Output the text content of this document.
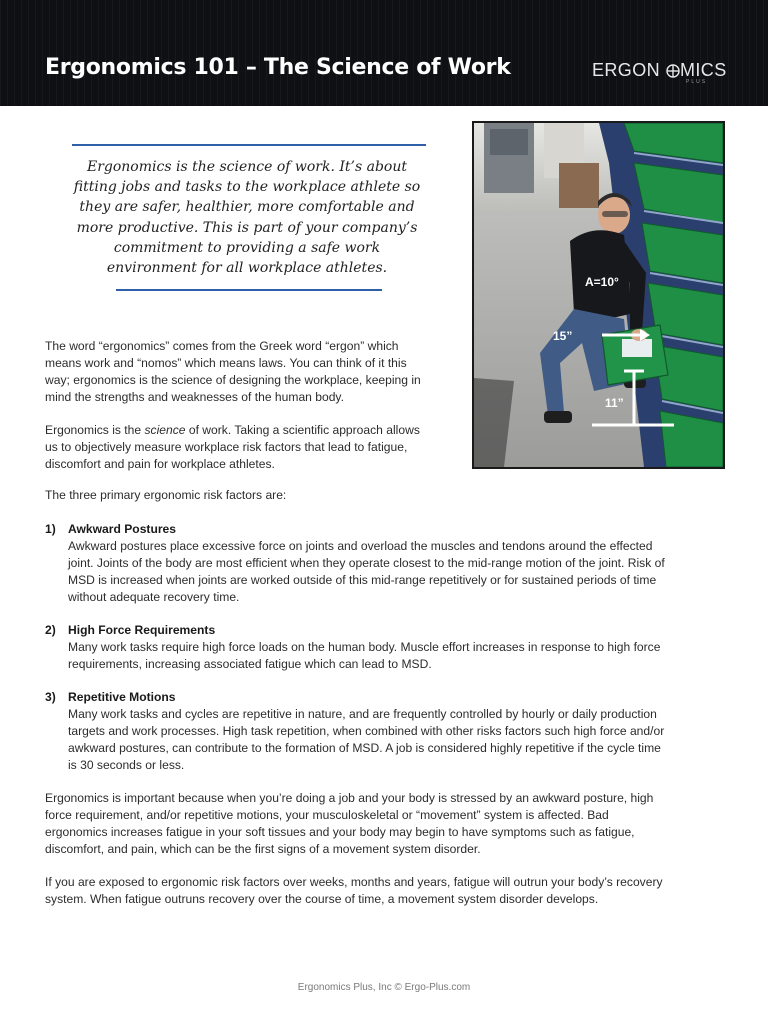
Ergonomics 101 – The Science of Work	ERGON MICS
PLUS
Ergonomics is the science of work. It’s about
fitting jobs and tasks to the workplace athlete so
they are safer, healthier, more comfortable and
more productive. This is part of your company’s
commitment to providing a safe work
environment for all workplace athletes.
A=10°
15”
11”
The word “ergonomics” comes from the Greek word “ergon” which
means work and “nomos” which means laws. You can think of it this
way; ergonomics is the science of designing the workplace, keeping in
mind the strengths and weaknesses of the human body.
Ergonomics is the science of work. Taking a scientific approach allows
us to objectively measure workplace risk factors that lead to fatigue,
discomfort and pain for workplace athletes.
The three primary ergonomic risk factors are:
1) Awkward Postures
Awkward postures place excessive force on joints and overload the muscles and tendons around the effected
joint. Joints of the body are most efficient when they operate closest to the mid-range motion of the joint. Risk of
MSD is increased when joints are worked outside of this mid-range repetitively or for sustained periods of time
without adequate recovery time.
2) High Force Requirements
Many work tasks require high force loads on the human body. Muscle effort increases in response to high force
requirements, increasing associated fatigue which can lead to MSD.
3) Repetitive Motions
Many work tasks and cycles are repetitive in nature, and are frequently controlled by hourly or daily production
targets and work processes. High task repetition, when combined with other risks factors such high force and/or
awkward postures, can contribute to the formation of MSD. A job is considered highly repetitive if the cycle time
is 30 seconds or less.
Ergonomics is important because when you’re doing a job and your body is stressed by an awkward posture, high
force requirement, and/or repetitive motions, your musculoskeletal or “movement” system is affected. Bad
ergonomics increases fatigue in your soft tissues and your body may begin to have symptoms such as fatigue,
discomfort, and pain, which can be the first signs of a movement system disorder.
If you are exposed to ergonomic risk factors over weeks, months and years, fatigue will outrun your body’s recovery
system. When fatigue outruns recovery over the course of time, a movement system disorder develops.
Ergonomics Plus, Inc © Ergo-Plus.com
